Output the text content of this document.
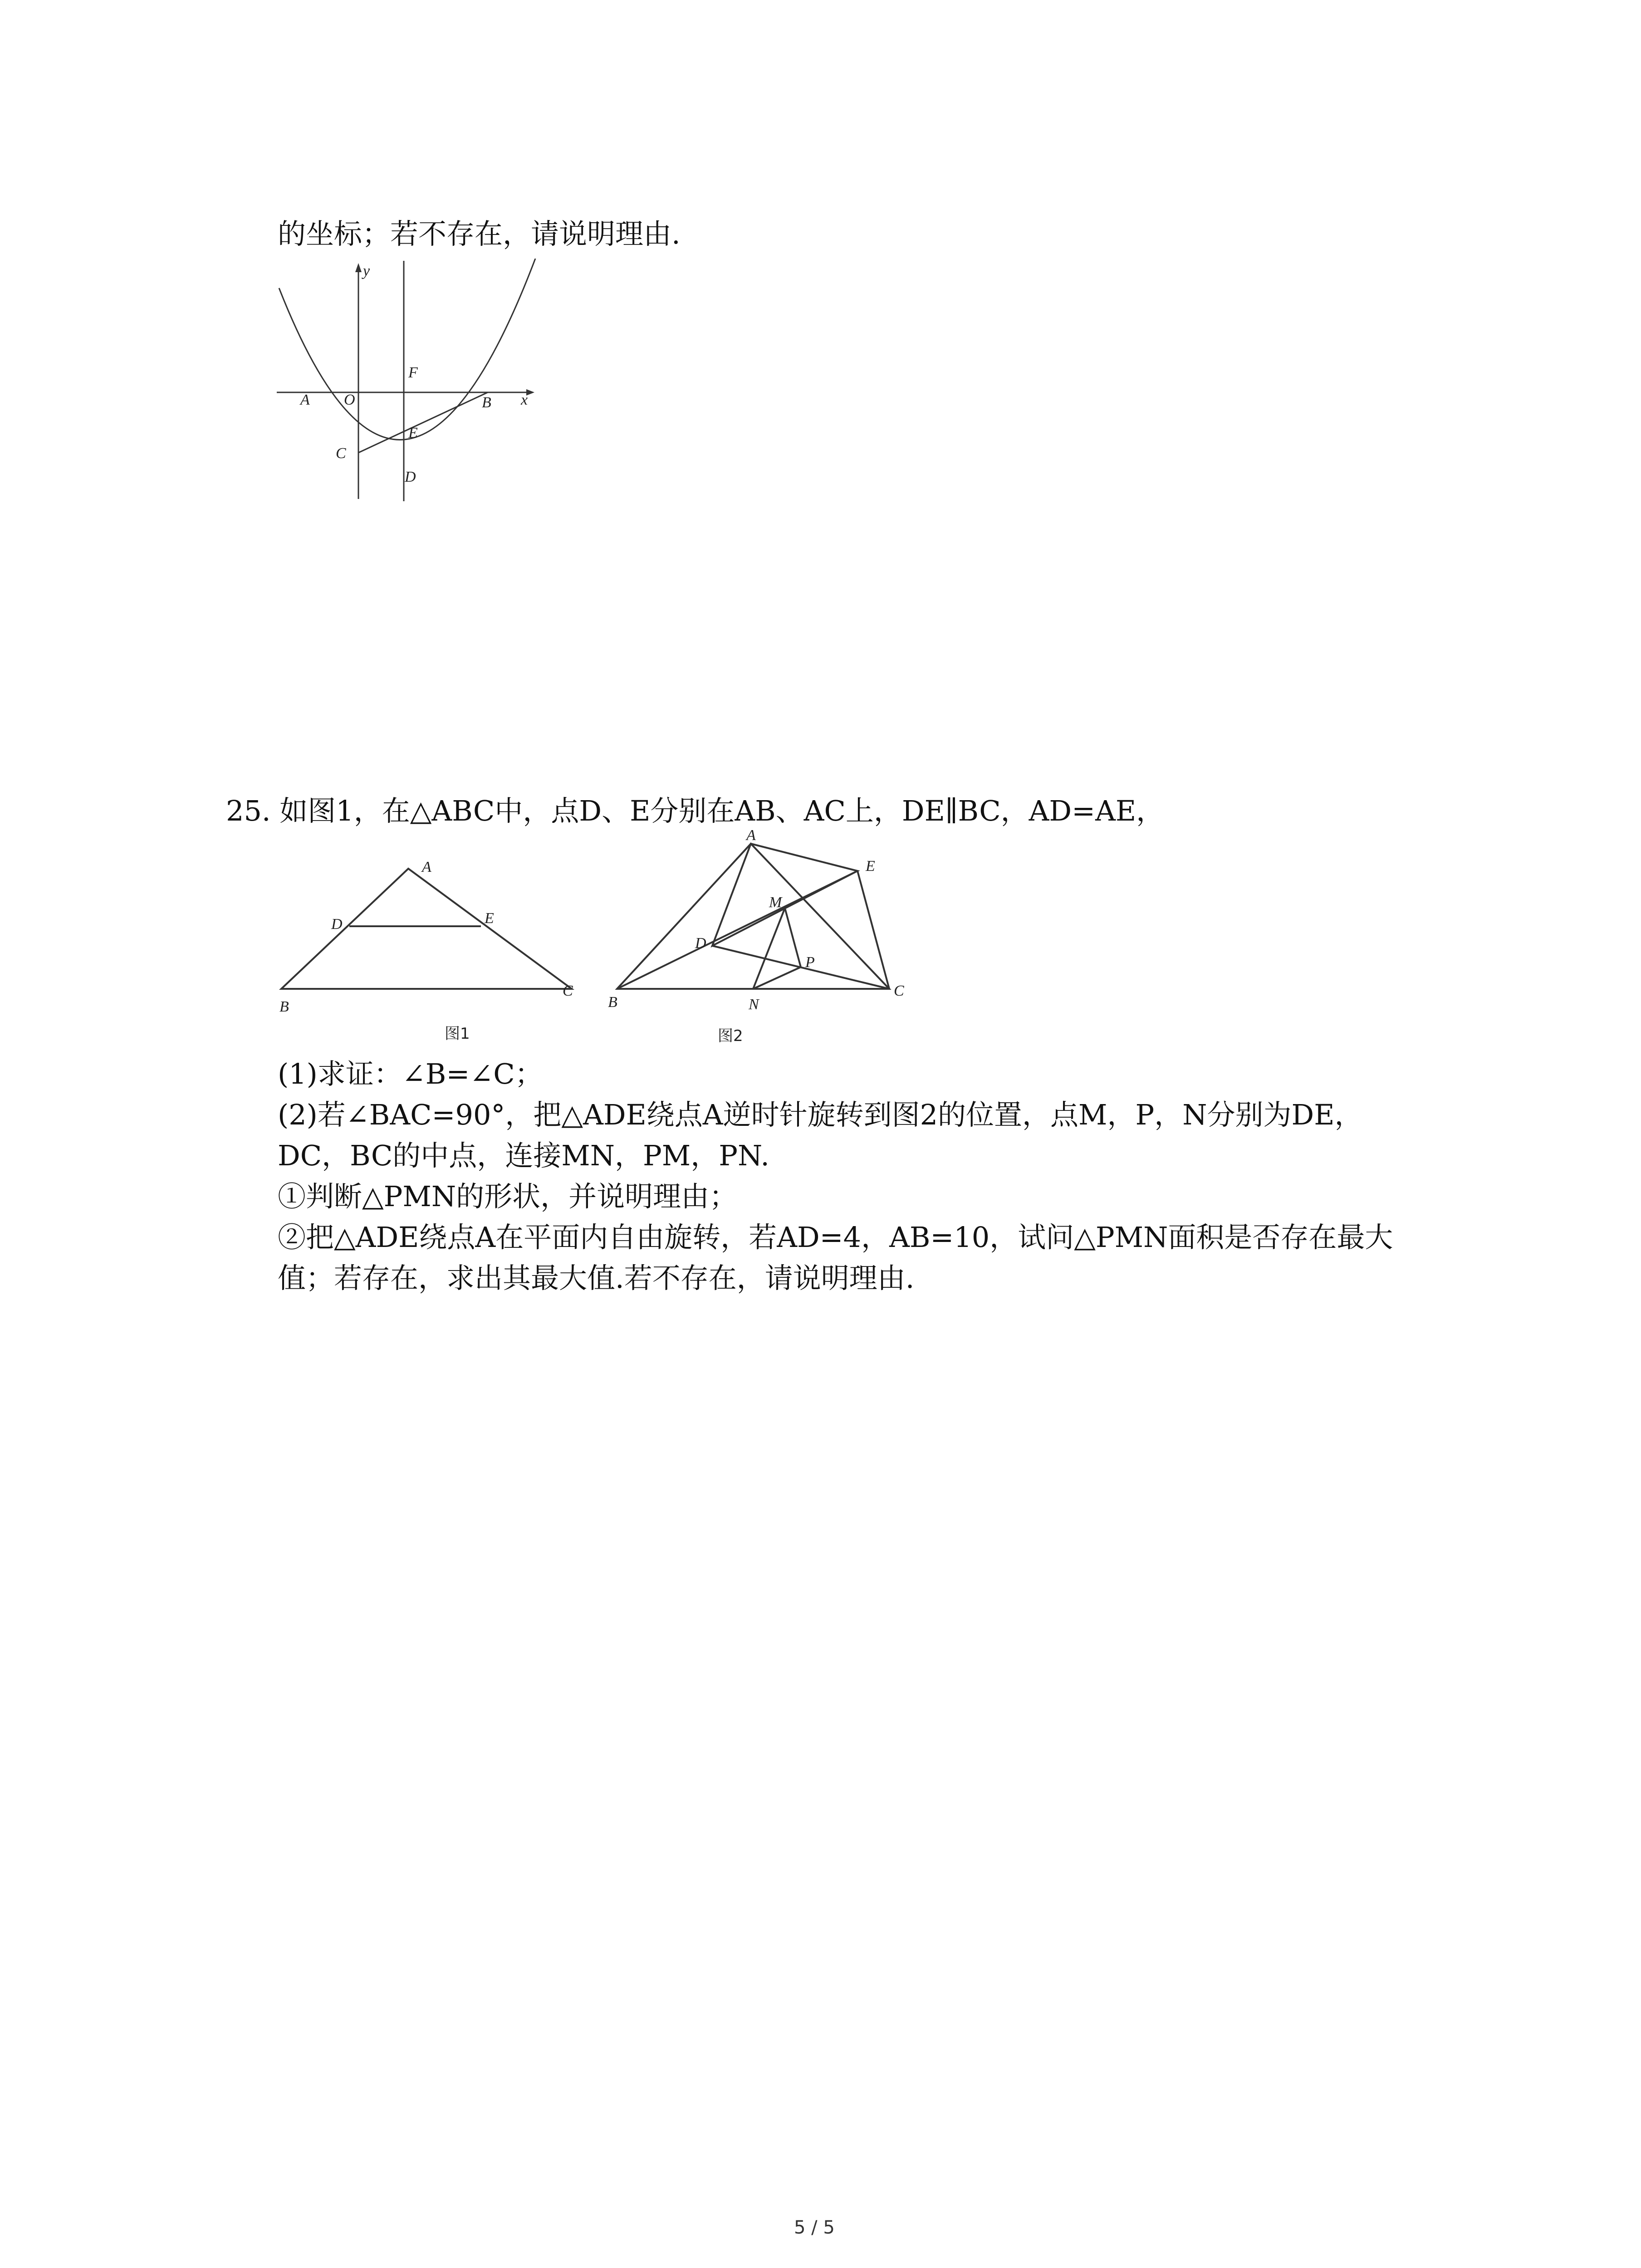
的坐标；若不存在，请说明理由.
y
x
A O
F
B
C
E
D
25. 如图1，在△ABC中，点D、E分别在AB、AC上，DE∥BC，AD=AE，
A
D	E
B
C
图1
A
E
M
D
P
B	N
C
图2
(1)求证：∠B=∠C；
(2)若∠BAC=90°，把△ADE绕点A逆时针旋转到图2的位置，点M，P，N分别为DE，
DC，BC的中点，连接MN，PM，PN.
①判断△PMN的形状，并说明理由；
②把△ADE绕点A在平面内自由旋转，若AD=4，AB=10，试问△PMN面积是否存在最大
值；若存在，求出其最大值.若不存在，请说明理由.
5 / 5
